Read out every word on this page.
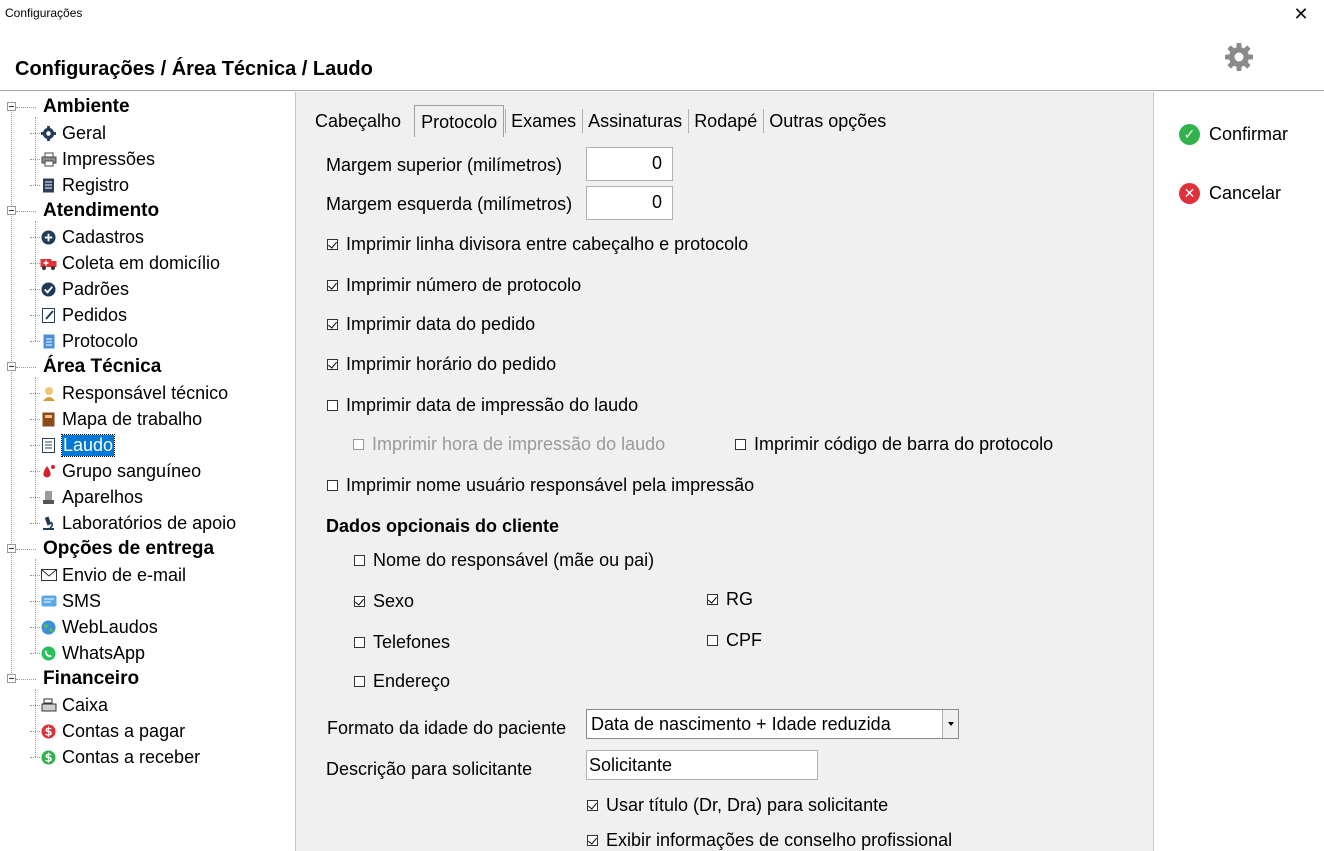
Configurações	✕
Configurações / Área Técnica / Laudo
Ambiente
Geral
Impressões
Registro
Atendimento
Cadastros
Coleta em domicílio
Padrões
Pedidos
Protocolo
Área Técnica
Responsável técnico
Mapa de trabalho
Laudo
Grupo sanguíneo
Aparelhos
Laboratórios de apoio
Opções de entrega
Envio de e-mail
SMS
WebLaudos
WhatsApp
Financeiro
Caixa
$ Contas a pagar
$ Contas a receber
Cabeçalho	Protocolo Exames Assinaturas Rodapé Outras opções
Margem superior (milímetros)	0
Margem esquerda (milímetros)	0
Imprimir linha divisora entre cabeçalho e protocolo
Imprimir número de protocolo
Imprimir data do pedido
Imprimir horário do pedido
Imprimir data de impressão do laudo
Imprimir hora de impressão do laudo	Imprimir código de barra do protocolo
Imprimir nome usuário responsável pela impressão
Dados opcionais do cliente
Nome do responsável (mãe ou pai)
Sexo	RG
Telefones	CPF
Endereço
Formato da idade do paciente Data de nascimento + Idade reduzida
Descrição para solicitante	Solicitante
Usar título (Dr, Dra) para solicitante
Exibir informações de conselho profissional
✓ Confirmar
✕ Cancelar
